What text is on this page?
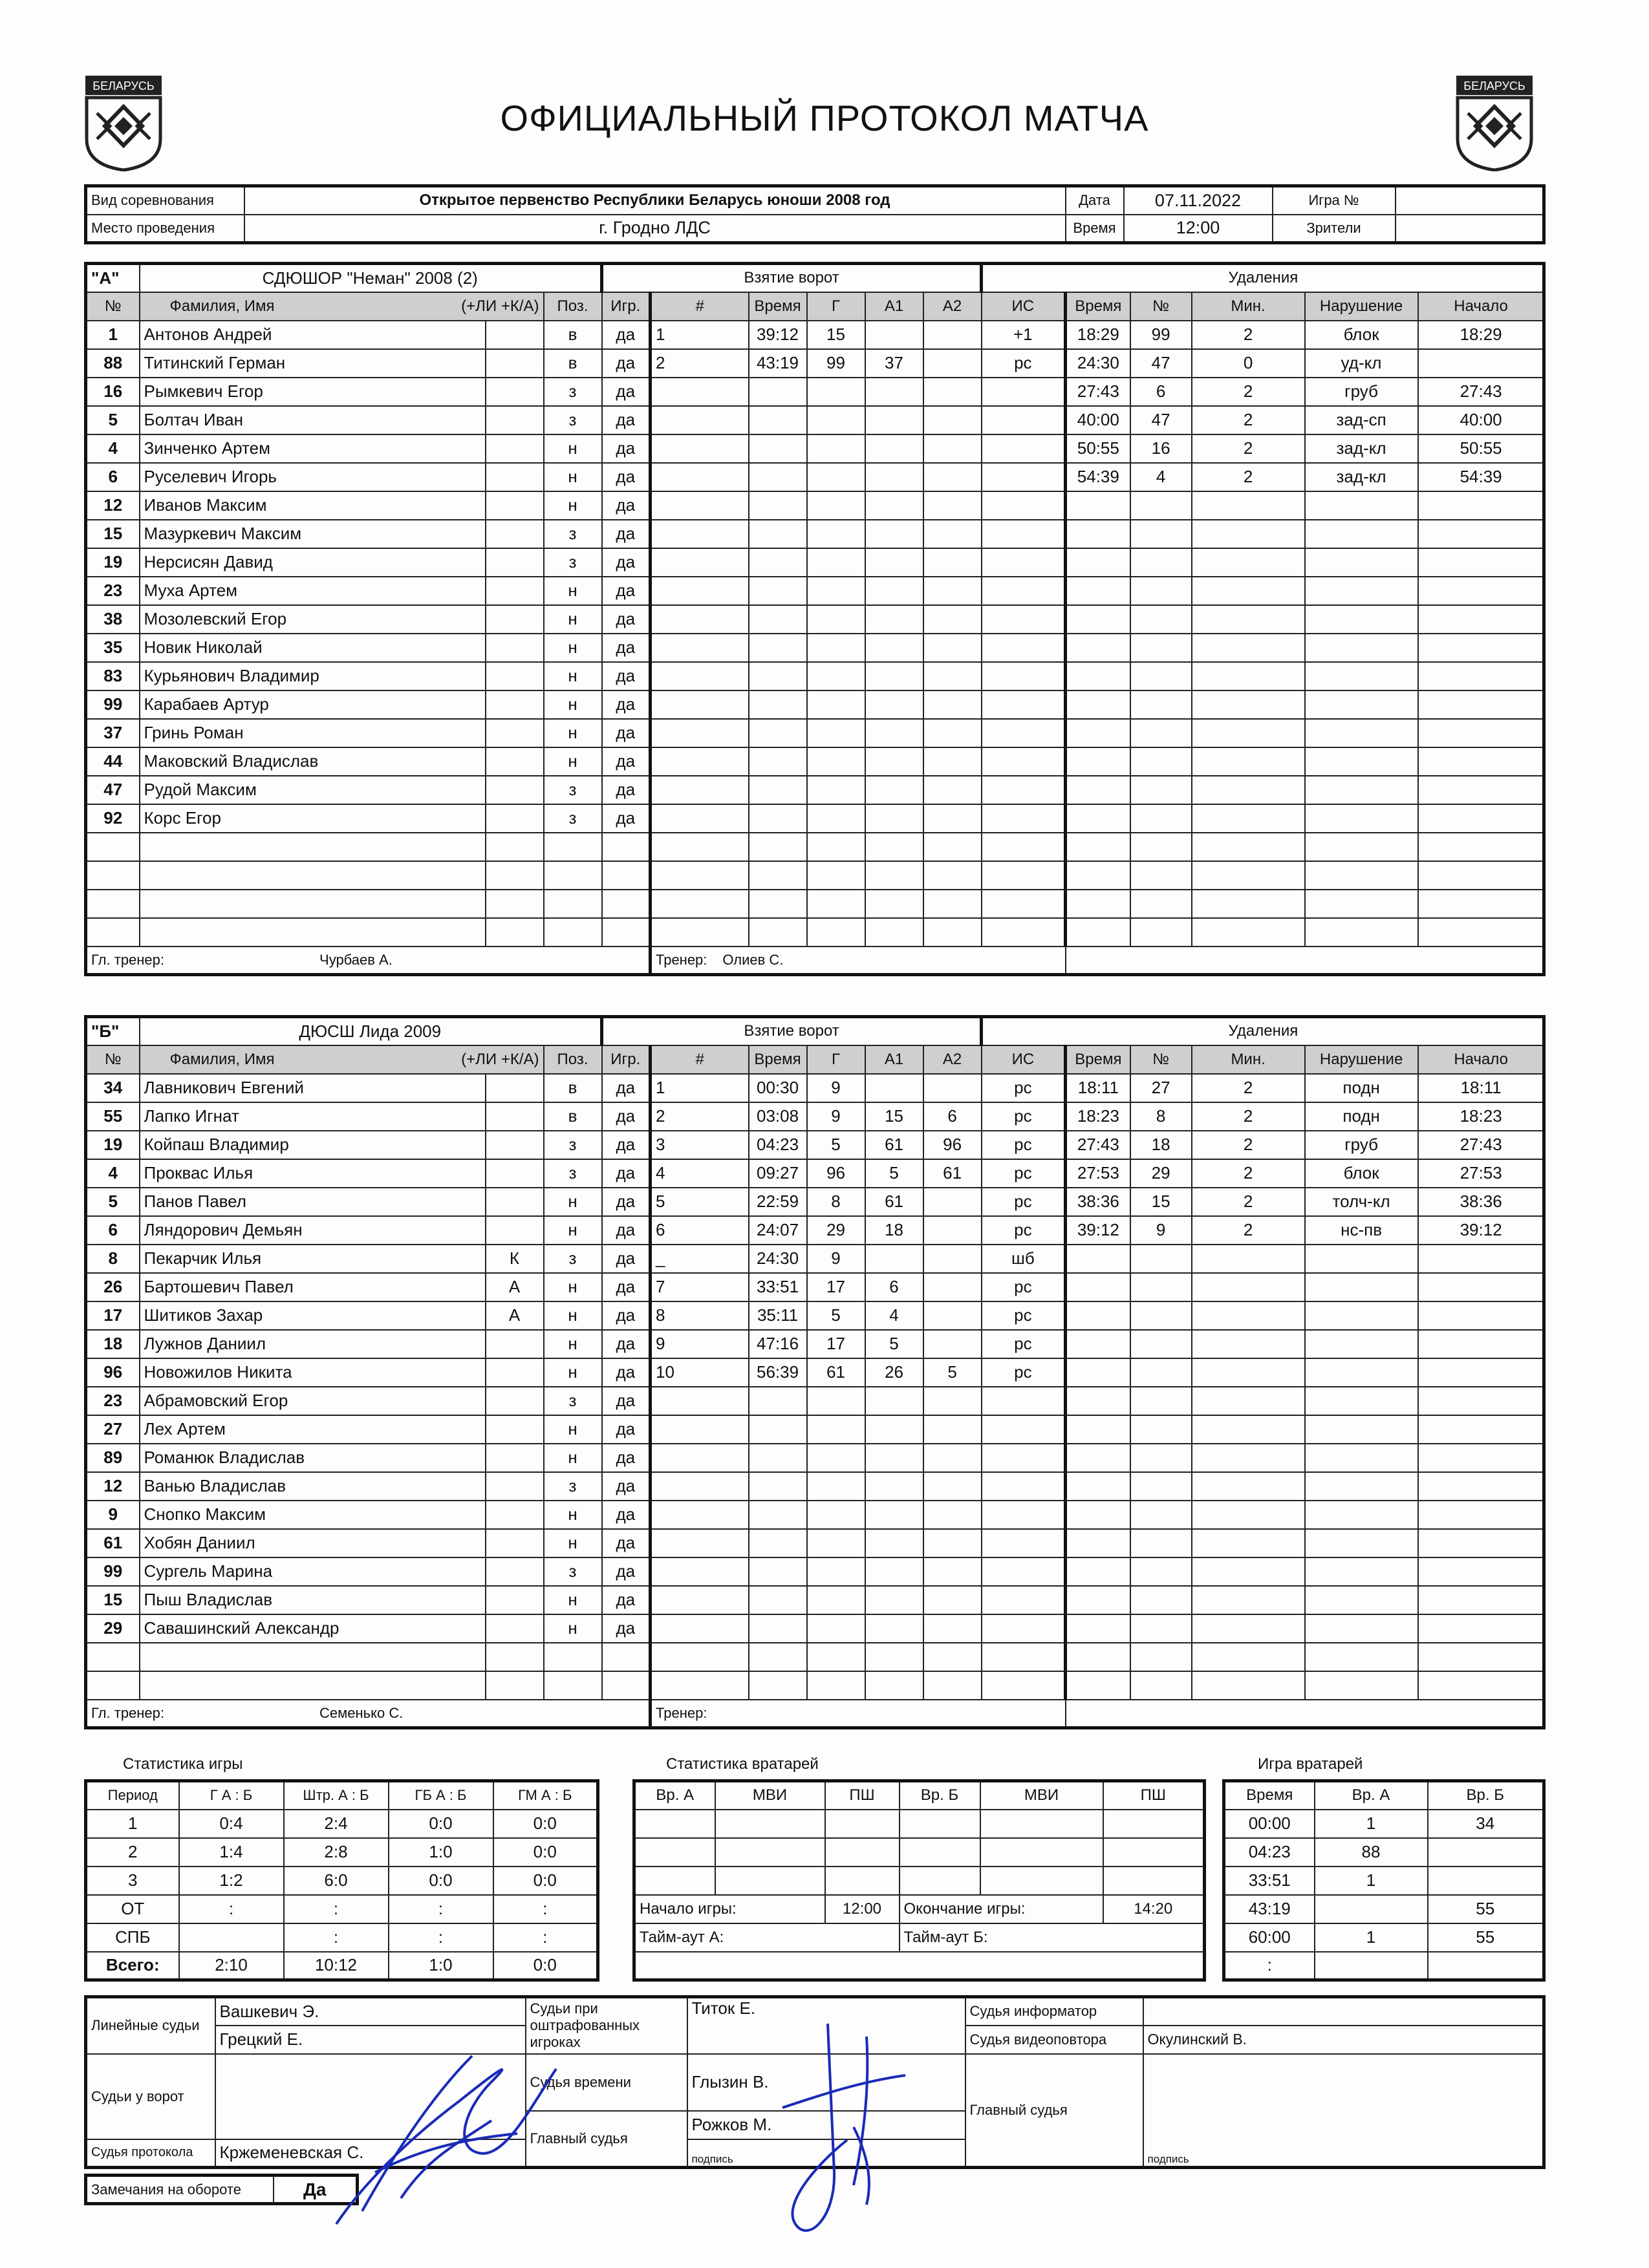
БЕЛАРУСЬ	БЕЛАРУСЬ
ОФИЦИАЛЬНЫЙ ПРОТОКОЛ МАТЧА
Вид соревнования	Открытое первенство Республики Беларусь юноши 2008 год	Дата	07.11.2022	Игра №	
Место проведения	г. Гродно ЛДС	Время	12:00	Зрители	
"А"	СДЮШОР "Неман" 2008 (2)			Взятие ворот						Удаления						
№	Фамилия, Имя (+ЛИ +К/А)		Поз.	Игр.	#	Время	Г	А1	А2	ИС	Время	№	Мин.	Нарушение	Начало	
1	Антонов Андрей		в	да	1	39:12	15			+1	18:29	99	2	блок	18:29	
88	Титинский Герман		в	да	2	43:19	99	37		рс	24:30	47	0	уд-кл		
16	Рымкевич Егор		з	да							27:43	6	2	груб	27:43	
5	Болтач Иван		з	да							40:00	47	2	зад-сп	40:00	
4	Зинченко Артем		н	да							50:55	16	2	зад-кл	50:55	
6	Руселевич Игорь		н	да							54:39	4	2	зад-кл	54:39	
12	Иванов Максим		н	да												
15	Мазуркевич Максим		з	да												
19	Нерсисян Давид		з	да												
23	Муха Артем		н	да												
38	Мозолевский Егор		н	да												
35	Новик Николай		н	да												
83	Курьянович Владимир		н	да												
99	Карабаев Артур		н	да												
37	Гринь Роман		н	да												
44	Маковский Владислав		н	да												
47	Рудой Максим		з	да												
92	Корс Егор		з	да												

Гл. тренер: Чурбаев А.					Тренер: Олиев С.											
"Б"	ДЮСШ Лида 2009			Взятие ворот						Удаления						
№	Фамилия, Имя (+ЛИ +К/А)		Поз.	Игр.	#	Время	Г	А1	А2	ИС	Время	№	Мин.	Нарушение	Начало	
34	Лавникович Евгений		в	да	1	00:30	9			рс	18:11	27	2	подн	18:11	
55	Лапко Игнат		в	да	2	03:08	9	15	6	рс	18:23	8	2	подн	18:23	
19	Койпаш Владимир		з	да	3	04:23	5	61	96	рс	27:43	18	2	груб	27:43	
4	Проквас Илья		з	да	4	09:27	96	5	61	рс	27:53	29	2	блок	27:53	
5	Панов Павел		н	да	5	22:59	8	61		рс	38:36	15	2	толч-кл	38:36	
6	Ляндорович Демьян		н	да	6	24:07	29	18		рс	39:12	9	2	нс-пв	39:12	
8	Пекарчик Илья	К	з	да	_	24:30	9			шб						
26	Бартошевич Павел	А	н	да	7	33:51	17	6		рс						
17	Шитиков Захар	А	н	да	8	35:11	5	4		рс						
18	Лужнов Даниил		н	да	9	47:16	17	5		рс						
96	Новожилов Никита		н	да	10	56:39	61	26	5	рс						
23	Абрамовский Егор		з	да												
27	Лех Артем		н	да												
89	Романюк Владислав		н	да												
12	Ванью Владислав		з	да												
9	Снопко Максим		н	да												
61	Хобян Даниил		н	да												
99	Сургель Марина		з	да												
15	Пыш Владислав		н	да												
29	Савашинский Александр		н	да												

Гл. тренер: Семенько С.					Тренер:											
Статистика игры
Период	Г А : Б	Штр. А : Б	ГБ А : Б	ГМ А : Б
1	0:4	2:4	0:0	0:0
2	1:4	2:8	1:0	0:0
3	1:2	6:0	0:0	0:0
ОТ	:	:	:	:
СПБ		:	:	:
Всего:	2:10	10:12	1:0	0:0
Статистика вратарей
Вр. А	МВИ	ПШ	Вр. Б	МВИ	ПШ

Начало игры:		12:00	Окончание игры:		14:20
Тайм-аут А:			Тайм-аут Б:		

Игра вратарей
Время	Вр. А	Вр. Б
00:00	1	34
04:23	88	
33:51	1	
43:19		55
60:00	1	55
:		
Линейные судьи	Вашкевич Э.	Судьи при оштрафованных игроках	Титок Е.	Судья информатор	
	Грецкий Е.			Судья видеоповтора	Окулинский В.
Судьи у ворот		Судья времени	Глызин В.	Главный судья	подпись
		Главный судья	Рожков М.		
Судья протокола	Кржеменевская С.		подпись		
Замечания на обороте	Да
